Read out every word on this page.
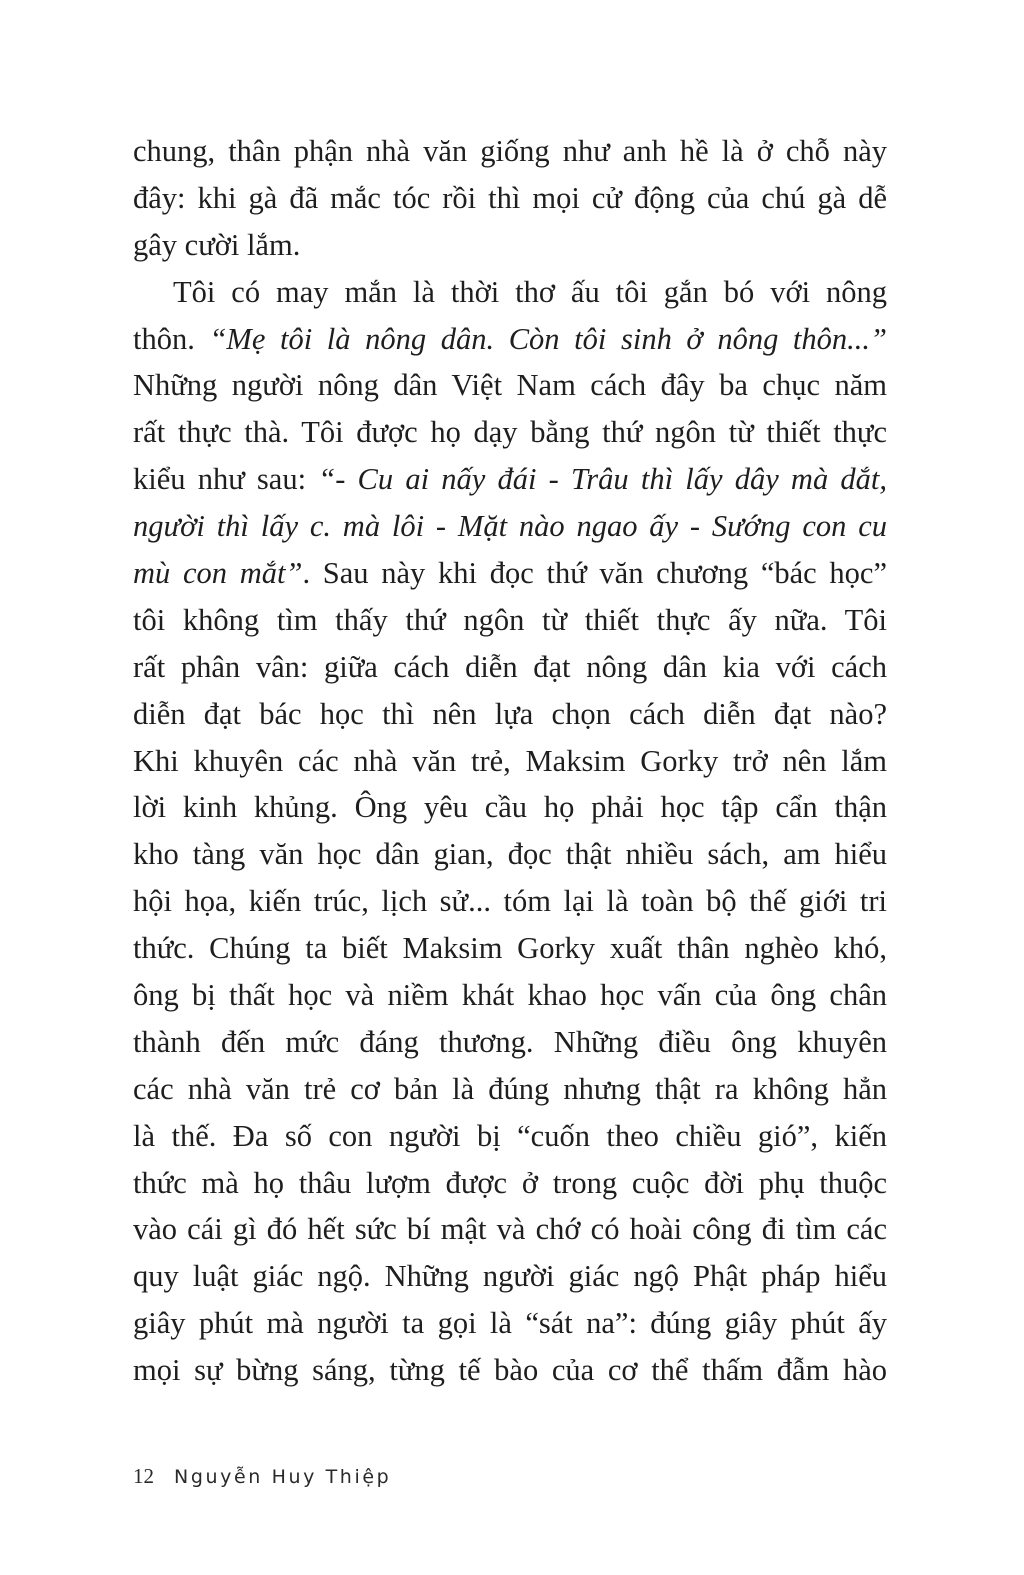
chung, thân phận nhà văn giống như anh hề là ở chỗ này
đây: khi gà đã mắc tóc rồi thì mọi cử động của chú gà dễ
gây cười lắm.
Tôi có may mắn là thời thơ ấu tôi gắn bó với nông
thôn. “Mẹ tôi là nông dân. Còn tôi sinh ở nông thôn...”
Những người nông dân Việt Nam cách đây ba chục năm
rất thực thà. Tôi được họ dạy bằng thứ ngôn từ thiết thực
kiểu như sau: “- Cu ai nấy đái - Trâu thì lấy dây mà dắt,
người thì lấy c. mà lôi - Mặt nào ngao ấy - Sướng con cu
mù con mắt”. Sau này khi đọc thứ văn chương “bác học”
tôi không tìm thấy thứ ngôn từ thiết thực ấy nữa. Tôi
rất phân vân: giữa cách diễn đạt nông dân kia với cách
diễn đạt bác học thì nên lựa chọn cách diễn đạt nào?
Khi khuyên các nhà văn trẻ, Maksim Gorky trở nên lắm
lời kinh khủng. Ông yêu cầu họ phải học tập cẩn thận
kho tàng văn học dân gian, đọc thật nhiều sách, am hiểu
hội họa, kiến trúc, lịch sử... tóm lại là toàn bộ thế giới tri
thức. Chúng ta biết Maksim Gorky xuất thân nghèo khó,
ông bị thất học và niềm khát khao học vấn của ông chân
thành đến mức đáng thương. Những điều ông khuyên
các nhà văn trẻ cơ bản là đúng nhưng thật ra không hẳn
là thế. Đa số con người bị “cuốn theo chiều gió”, kiến
thức mà họ thâu lượm được ở trong cuộc đời phụ thuộc
vào cái gì đó hết sức bí mật và chớ có hoài công đi tìm các
quy luật giác ngộ. Những người giác ngộ Phật pháp hiểu
giây phút mà người ta gọi là “sát na”: đúng giây phút ấy
mọi sự bừng sáng, từng tế bào của cơ thể thấm đẫm hào
12 Nguyễn Huy Thiệp
